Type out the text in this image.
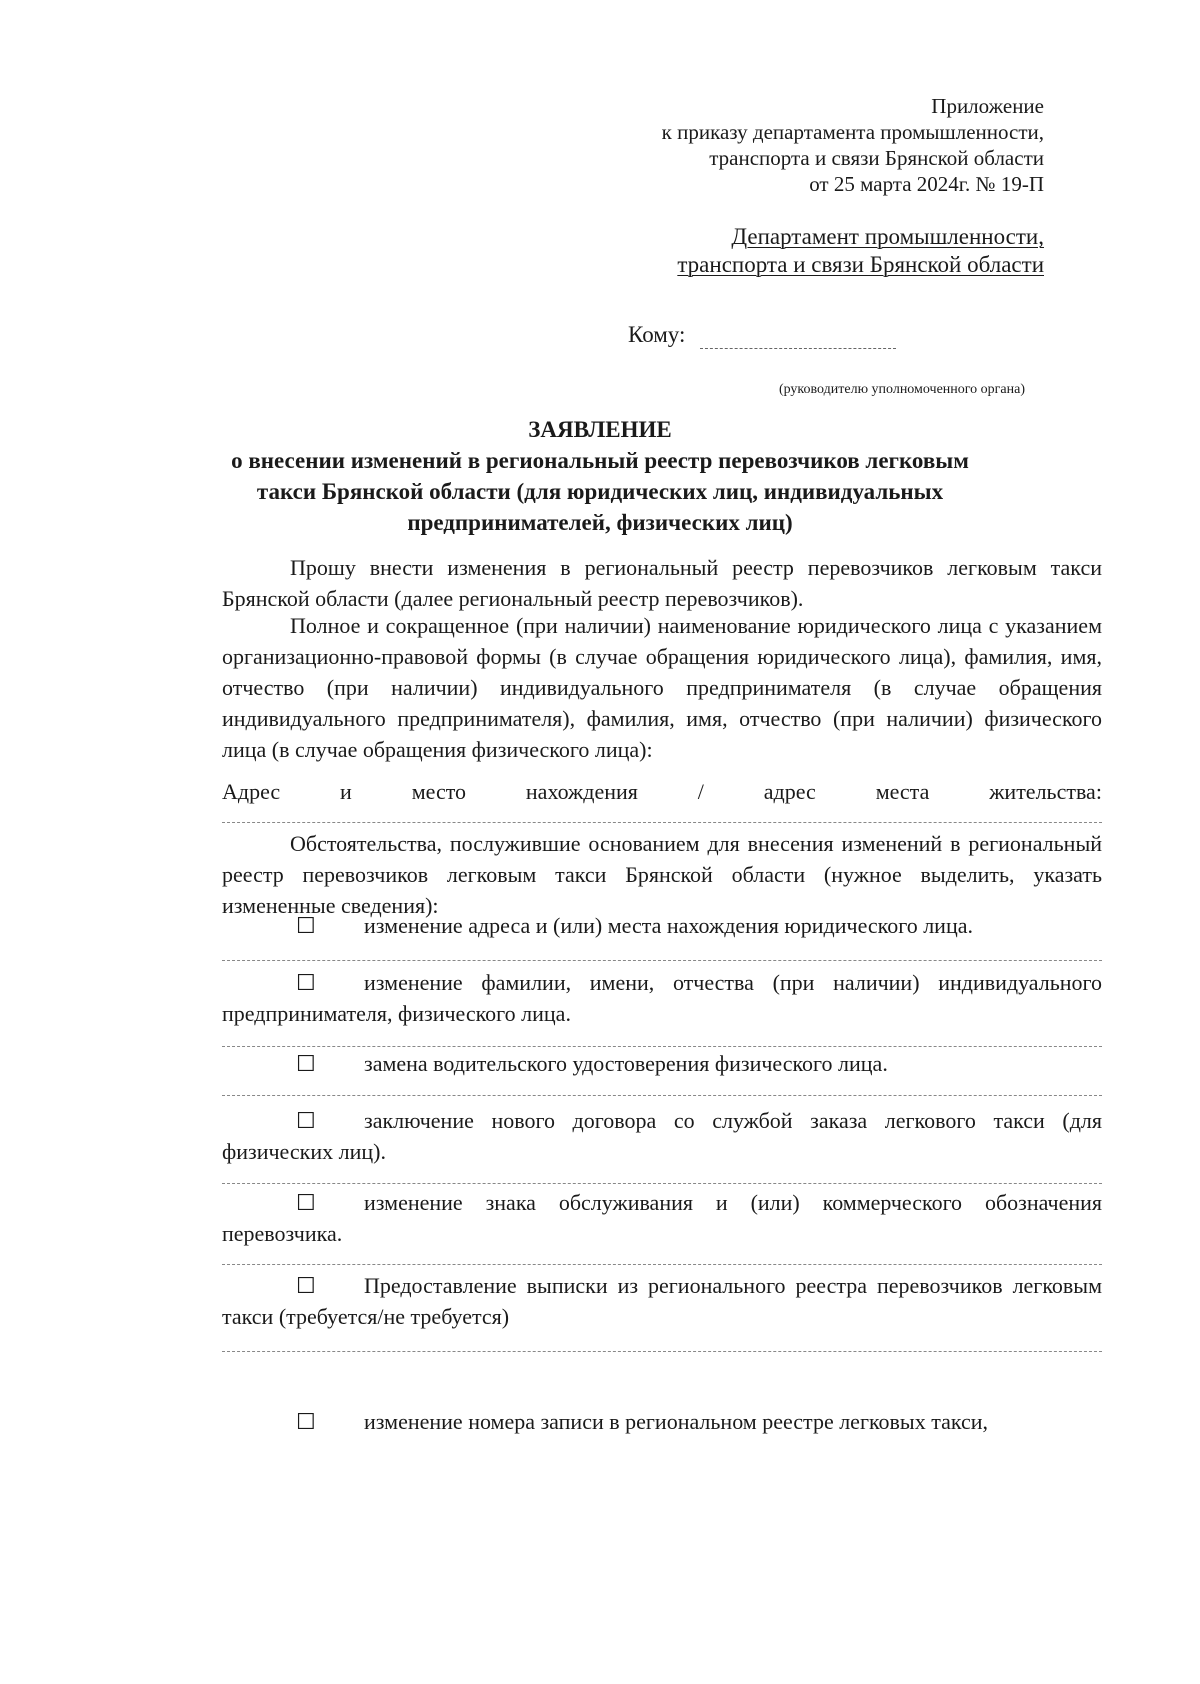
Приложение
к приказу департамента промышленности,
транспорта и связи Брянской области
от 25 марта 2024г. № 19-П
Департамент промышленности,
транспорта и связи Брянской области
Кому:
(руководителю уполномоченного органа)
ЗАЯВЛЕНИЕ
о внесении изменений в региональный реестр перевозчиков легковым
такси Брянской области (для юридических лиц, индивидуальных
предпринимателей, физических лиц)
Прошу внести изменения в региональный реестр перевозчиков легковым такси Брянской области (далее региональный реестр перевозчиков).
Полное и сокращенное (при наличии) наименование юридического лица с указанием организационно-правовой формы (в случае обращения юридического лица), фамилия, имя, отчество (при наличии) индивидуального предпринимателя (в случае обращения индивидуального предпринимателя), фамилия, имя, отчество (при наличии) физического лица (в случае обращения физического лица):
Адрес	и	место	нахождения	/	адрес	места	жительства:
Обстоятельства, послужившие основанием для внесения изменений в региональный реестр перевозчиков легковым такси Брянской области (нужное выделить, указать измененные сведения):
☐	изменение адреса и (или) места нахождения юридического лица.
☐	изменение фамилии, имени, отчества (при наличии) индивидуального предпринимателя, физического лица.
☐	замена водительского удостоверения физического лица.
☐	заключение нового договора со службой заказа легкового такси (для физических лиц).
☐	изменение знака обслуживания и (или) коммерческого обозначения перевозчика.
☐	Предоставление выписки из регионального реестра перевозчиков легковым такси (требуется/не требуется)
☐	изменение номера записи в региональном реестре легковых такси,
